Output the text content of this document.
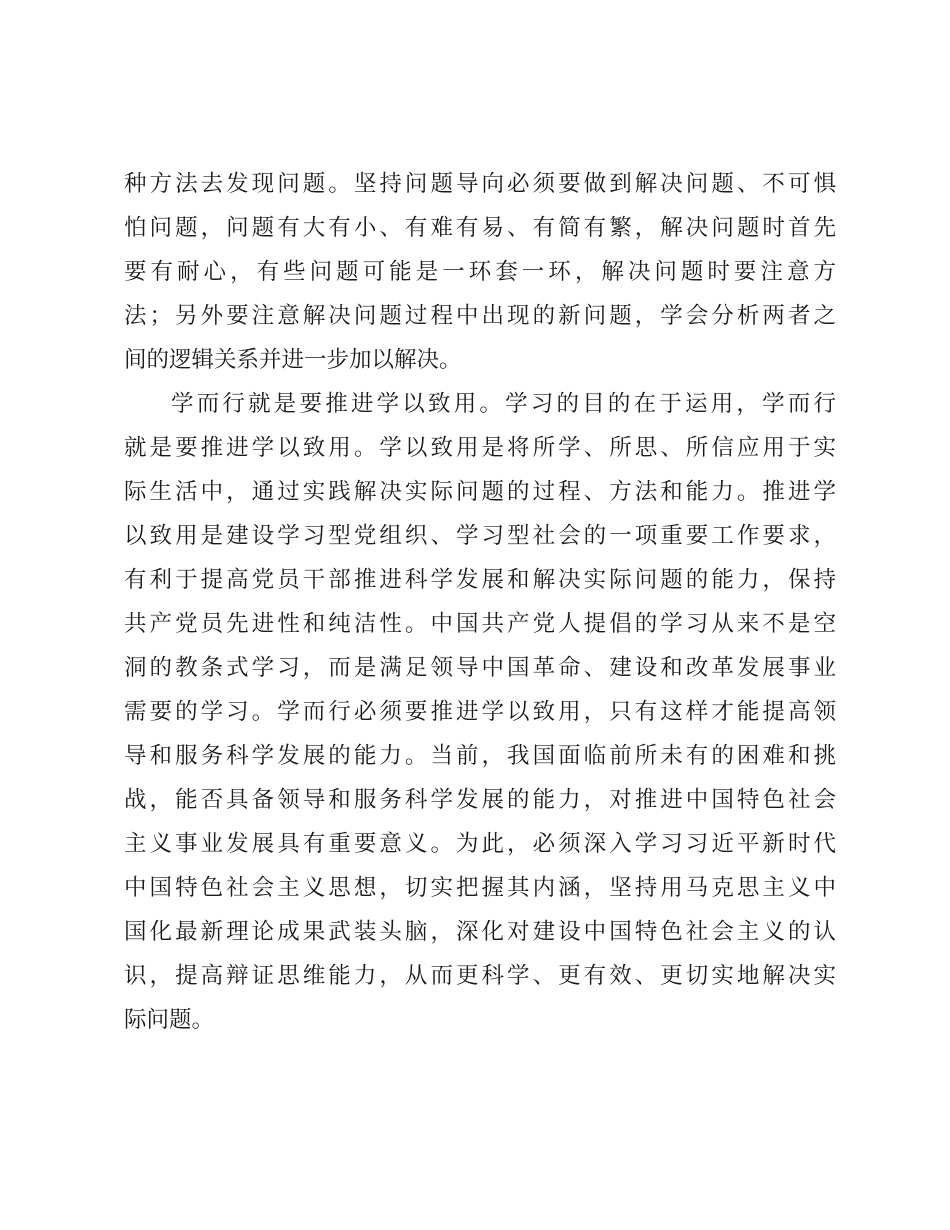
种方法去发现问题。坚持问题导向必须要做到解决问题、不可惧
怕问题，问题有大有小、有难有易、有简有繁，解决问题时首先
要有耐心，有些问题可能是一环套一环，解决问题时要注意方
法；另外要注意解决问题过程中出现的新问题，学会分析两者之
间的逻辑关系并进一步加以解决。
学而行就是要推进学以致用。学习的目的在于运用，学而行
就是要推进学以致用。学以致用是将所学、所思、所信应用于实
际生活中，通过实践解决实际问题的过程、方法和能力。推进学
以致用是建设学习型党组织、学习型社会的一项重要工作要求，
有利于提高党员干部推进科学发展和解决实际问题的能力，保持
共产党员先进性和纯洁性。中国共产党人提倡的学习从来不是空
洞的教条式学习，而是满足领导中国革命、建设和改革发展事业
需要的学习。学而行必须要推进学以致用，只有这样才能提高领
导和服务科学发展的能力。当前，我国面临前所未有的困难和挑
战，能否具备领导和服务科学发展的能力，对推进中国特色社会
主义事业发展具有重要意义。为此，必须深入学习习近平新时代
中国特色社会主义思想，切实把握其内涵，坚持用马克思主义中
国化最新理论成果武装头脑，深化对建设中国特色社会主义的认
识，提高辩证思维能力，从而更科学、更有效、更切实地解决实
际问题。
